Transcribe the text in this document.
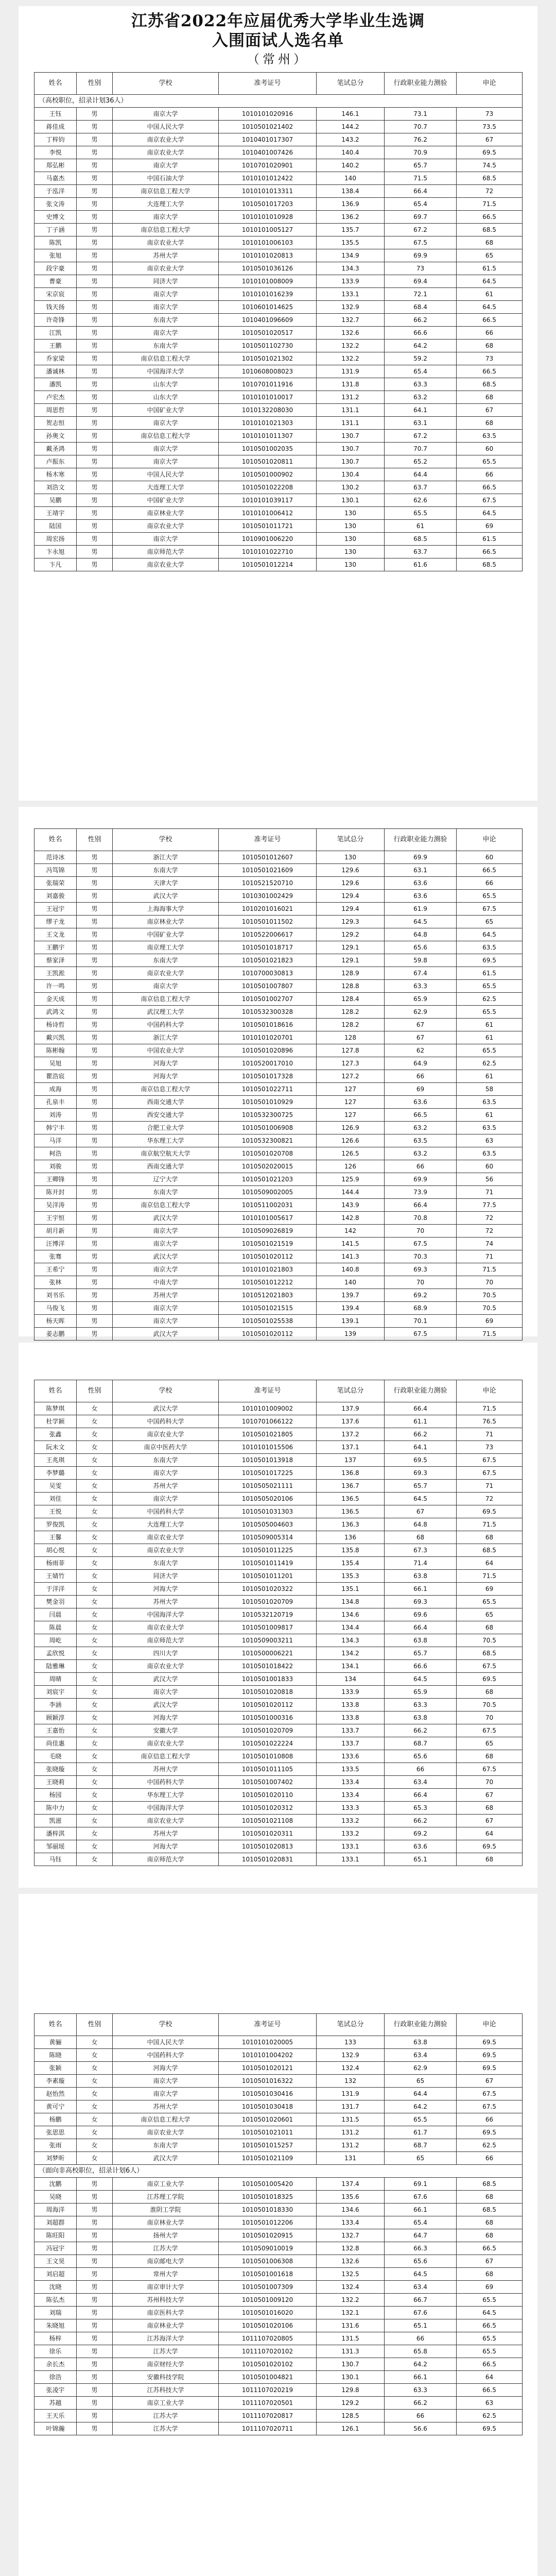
江苏省2022年应届优秀大学毕业生选调
入围面试人选名单
（常州）
姓名	性别	学校	准考证号	笔试总分	行政职业能力测验	申论
（高校职位，招录计划36人）						
王钰	男	南京大学	1010101020916	146.1	73.1	73
蒋佳成	男	中国人民大学	1010501021402	144.2	70.7	73.5
丁梓钧	男	南京农业大学	1010401017307	143.2	76.2	67
李悦	男	南京农业大学	1010401007426	140.4	70.9	69.5
郑弘彬	男	南京大学	1010701020901	140.2	65.7	74.5
马嘉杰	男	中国石油大学	1010101012422	140	71.5	68.5
于泓洋	男	南京信息工程大学	1010101013311	138.4	66.4	72
张文涛	男	大连理工大学	1010501017203	136.9	65.4	71.5
史博文	男	南京大学	1010101010928	136.2	69.7	66.5
丁子涵	男	南京信息工程大学	1010101005127	135.7	67.2	68.5
陈凯	男	南京农业大学	1010101006103	135.5	67.5	68
张旭	男	苏州大学	1010101020813	134.9	69.9	65
段宇豪	男	南京农业大学	1010501036126	134.3	73	61.5
曹豪	男	同济大学	1010101008009	133.9	69.4	64.5
宋京宸	男	南京大学	1010101016239	133.1	72.1	61
钱天扬	男	南京大学	1010601014625	132.9	68.4	64.5
许奇锋	男	东南大学	1010401096609	132.7	66.2	66.5
江凯	男	南京大学	1010501020517	132.6	66.6	66
王鹏	男	东南大学	1010501102730	132.2	64.2	68
乔家梁	男	南京信息工程大学	1010501021302	132.2	59.2	73
潘诚林	男	中国海洋大学	1010608008023	131.9	65.4	66.5
潘凯	男	山东大学	1010701011916	131.8	63.3	68.5
卢宏杰	男	山东大学	1010101010017	131.2	63.2	68
周思哲	男	中国矿业大学	1010132208030	131.1	64.1	67
贺志恒	男	南京大学	1010101021303	131.1	63.1	68
孙奥文	男	南京信息工程大学	1010101011307	130.7	67.2	63.5
戴圣鸿	男	南京大学	1010501002035	130.7	70.7	60
卢振东	男	南京大学	1010501020811	130.7	65.2	65.5
杨木寒	男	中国人民大学	1010501000902	130.4	64.4	66
刘浩文	男	大连理工大学	1010501022208	130.2	63.7	66.5
吴鹏	男	中国矿业大学	1010101039117	130.1	62.6	67.5
王靖宇	男	南京林业大学	1010101006412	130	65.5	64.5
陆国	男	南京农业大学	1010501011721	130	61	69
周宏扬	男	南京大学	1010901006220	130	68.5	61.5
卞永旭	男	南京师范大学	1010101022710	130	63.7	66.5
卞凡	男	南京农业大学	1010501012214	130	61.6	68.5
姓名	性别	学校	准考证号	笔试总分	行政职业能力测验	申论
范诗冰	男	浙江大学	1010501012607	130	69.9	60
冯笃锦	男	东南大学	1010501021609	129.6	63.1	66.5
张瑞荣	男	天津大学	1010521520710	129.6	63.6	66
刘嘉骏	男	武汉大学	1010301002429	129.4	63.6	65.5
王冠宇	男	上海海事大学	1010201016021	129.4	61.9	67.5
缪子龙	男	南京林业大学	1010501011502	129.3	64.5	65
王文龙	男	中国矿业大学	1010522006617	129.2	64.8	64.5
王鹏宇	男	南京理工大学	1010501018717	129.1	65.6	63.5
蔡家泽	男	东南大学	1010501021823	129.1	59.8	69.5
王凯淞	男	南京农业大学	1010700030813	128.9	67.4	61.5
许一鸣	男	南京大学	1010501007807	128.8	63.3	65.5
金天成	男	南京信息工程大学	1010501002707	128.4	65.9	62.5
武鸿文	男	武汉理工大学	1010532300328	128.2	62.9	65.5
杨诗哲	男	中国药科大学	1010501018616	128.2	67	61
戴兴凯	男	浙江大学	1010101020701	128	67	61
陈彬翰	男	中国农业大学	1010501020896	127.8	62	65.5
吴旭	男	河海大学	1010520017010	127.3	64.9	62.5
瞿浩宸	男	河海大学	1010501017328	127.2	66	61
成海	男	南京信息工程大学	1010501022711	127	69	58
孔泉丰	男	西南交通大学	1010501010929	127	63.6	63.5
刘涛	男	西安交通大学	1010532300725	127	66.5	61
韩宁丰	男	合肥工业大学	1010501006908	126.9	63.2	63.5
马洋	男	华东理工大学	1010532300821	126.6	63.5	63
柯浩	男	南京航空航天大学	1010501020708	126.5	63.2	63.5
刘骏	男	西南交通大学	1010502020015	126	66	60
王卿锋	男	辽宁大学	1010501021203	125.9	69.9	56
陈开封	男	东南大学	1010509002005	144.4	73.9	71
吴洋涛	男	南京信息工程大学	1010511002031	143.9	66.4	77.5
王宇恒	男	武汉大学	1010101005617	142.8	70.8	72
胡月新	男	南京大学	1010509026819	142	70	72
汪博洋	男	南京大学	1010501021519	141.5	67.5	74
张骞	男	武汉大学	1010501020112	141.3	70.3	71
王希宁	男	南京大学	1010101021803	140.8	69.3	71.5
张林	男	中南大学	1010501012212	140	70	70
刘书乐	男	苏州大学	1010512021803	139.7	69.2	70.5
马俊飞	男	南京大学	1010501021515	139.4	68.9	70.5
杨天晖	男	南京大学	1010501025538	139.1	70.1	69
姜志鹏	男	武汉大学	1010501020112	139	67.5	71.5
姓名	性别	学校	准考证号	笔试总分	行政职业能力测验	申论
陈梦琪	女	武汉大学	1010101009002	137.9	66.4	71.5
杜学颖	女	中国药科大学	1010701066122	137.6	61.1	76.5
张鑫	女	南京农业大学	1010501021805	137.2	66.2	71
阮未文	女	南京中医药大学	1010101015506	137.1	64.1	73
王兆琪	女	东南大学	1010501013918	137	69.5	67.5
李梦璐	女	南京大学	1010501017225	136.8	69.3	67.5
吴雯	女	苏州大学	1010505021111	136.7	65.7	71
刘佳	女	南京大学	1010505020106	136.5	64.5	72
王悦	女	中国药科大学	1010501031303	136.5	67	69.5
罗俊凯	女	大连理工大学	1010505004603	136.3	64.8	71.5
王馨	女	南京农业大学	1010509005314	136	68	68
胡心悦	女	南京农业大学	1010501011225	135.8	67.3	68.5
杨雨菲	女	东南大学	1010501011419	135.4	71.4	64
王婧竹	女	同济大学	1010501011201	135.3	63.8	71.5
于洋洋	女	河海大学	1010501020322	135.1	66.1	69
樊金羽	女	苏州大学	1010501020709	134.8	69.3	65.5
闫晨	女	中国海洋大学	1010532120719	134.6	69.6	65
陈晨	女	南京农业大学	1010501009817	134.4	66.4	68
周屹	女	南京师范大学	1010509003211	134.3	63.8	70.5
孟欣悦	女	四川大学	1010500006221	134.2	65.7	68.5
陆雅琳	女	南京农业大学	1010501018422	134.1	66.6	67.5
周晴	女	武汉大学	1010501001833	134	64.5	69.5
刘宸宇	女	南京大学	1010501020818	133.9	65.9	68
李涵	女	武汉大学	1010501020112	133.8	63.3	70.5
顾颖淳	女	河海大学	1010501000316	133.8	63.8	70
王嘉怡	女	安徽大学	1010501020709	133.7	66.2	67.5
尚佳惠	女	南京农业大学	1010501022224	133.7	68.7	65
毛晓	女	南京信息工程大学	1010501010808	133.6	65.6	68
张晓璇	女	苏州大学	1010501011105	133.5	66	67.5
王晓莉	女	中国药科大学	1010501007402	133.4	63.4	70
杨园	女	华东理工大学	1010501020110	133.4	66.4	67
陈中力	女	中国海洋大学	1010501020312	133.3	65.3	68
凯滋	女	南京农业大学	1010501021108	133.2	66.2	67
潘梓淇	女	苏州大学	1010501020311	133.2	69.2	64
邹丽瑶	女	河海大学	1010501020813	133.1	63.6	69.5
马钰	女	南京师范大学	1010501020831	133.1	65.1	68
姓名	性别	学校	准考证号	笔试总分	行政职业能力测验	申论
黄骊	女	中国人民大学	1010101020005	133	63.8	69.5
陈晓	女	中国药科大学	1010101004202	132.9	63.4	69.5
张颖	女	河海大学	1010501020121	132.4	62.9	69.5
李素璇	女	南京大学	1010501016322	132	65	67
赵怡然	女	南京大学	1010501030416	131.9	64.4	67.5
黄可宁	女	苏州大学	1010501030418	131.7	64.2	67.5
杨鹏	女	南京信息工程大学	1010501020601	131.5	65.5	66
张思思	女	南京农业大学	1010501021011	131.2	61.7	69.5
张雨	女	东南大学	1010501015257	131.2	68.7	62.5
刘梦昕	女	武汉大学	1010501021109	131	65	66
（面向非高校职位，招录计划6人）						
沈鹏	男	南京工业大学	1010501005420	137.4	69.1	68.5
吴晓	男	江苏理工学院	1010501018325	135.6	67.6	68
周海洋	男	淮阴工学院	1010501018330	134.6	66.1	68.5
刘超群	男	南京林业大学	1010501012206	133.4	65.4	68
陈旺阳	男	扬州大学	1010501020915	132.7	64.7	68
冯冠宇	男	江苏大学	1010509010019	132.8	66.3	66.5
王文昊	男	南京邮电大学	1010501006308	132.6	65.6	67
刘启超	男	常州大学	1010501001618	132.5	64.5	68
沈晓	男	南京审计大学	1010501007309	132.4	63.4	69
陈弘杰	男	苏州科技大学	1010501009120	132.2	66.7	65.5
刘瑞	男	南京医科大学	1010501016020	132.1	67.6	64.5
朱晓旭	男	南京林业大学	1010501020106	131.6	65.1	66.5
杨梓	男	江苏海洋大学	1011107020805	131.5	66	65.5
徐乐	男	江苏大学	1011107020102	131.3	65.8	65.5
余长杰	男	南京财经大学	1010501020102	130.7	64.2	66.5
徐浩	男	安徽科技学院	1010501004821	130.1	66.1	64
张凌宇	男	江苏科技大学	1011107020219	129.8	63.3	66.5
苏越	男	南京工业大学	1011107020501	129.2	66.2	63
王天乐	男	江苏大学	1011107020817	128.5	66	62.5
叶锦瀚	男	江苏大学	1011107020711	126.1	56.6	69.5
